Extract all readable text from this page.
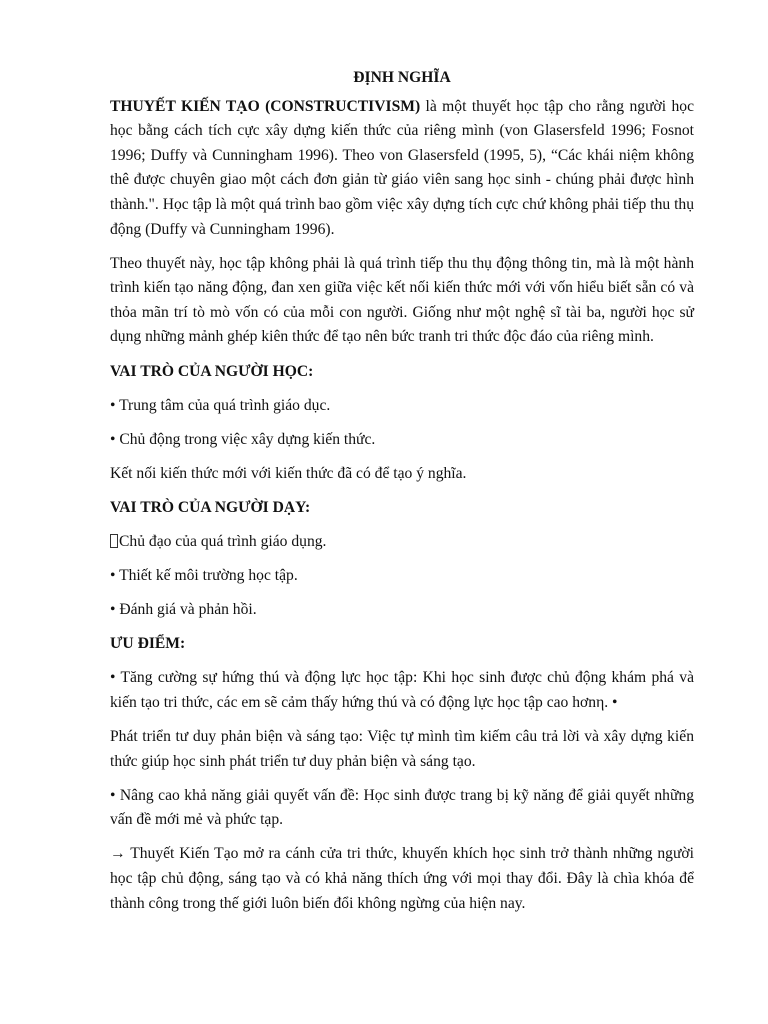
ĐỊNH NGHĨA

THUYẾT KIẾN TẠO (CONSTRUCTIVISM) là một thuyết học tập cho rằng người học học bằng cách tích cực xây dựng kiến thức của riêng mình (von Glasersfeld 1996; Fosnot 1996; Duffy và Cunningham 1996). Theo von Glasersfeld (1995, 5), “Các khái niệm không thê được chuyên giao một cách đơn giản từ giáo viên sang học sinh - chúng phải được hình thành.". Học tập là một quá trình bao gồm việc xây dựng tích cực chứ không phải tiếp thu thụ động (Duffy và Cunningham 1996).

Theo thuyết này, học tập không phải là quá trình tiếp thu thụ động thông tin, mà là một hành trình kiến tạo năng động, đan xen giữa việc kết nối kiến thức mới với vốn hiểu biết sẵn có và thỏa mãn trí tò mò vốn có của mỗi con người. Giống như một nghệ sĩ tài ba, người học sử dụng những mảnh ghép kiên thức để tạo nên bức tranh tri thức độc đáo của riêng mình.

VAI TRÒ CỦA NGƯỜI HỌC:

• Trung tâm của quá trình giáo dục.

• Chủ động trong việc xây dựng kiến thức.

Kết nối kiến thức mới với kiến thức đã có để tạo ý nghĩa.

VAI TRÒ CỦA NGƯỜI DẠY:

Chủ đạo của quá trình giáo dụng.

• Thiết kế môi trường học tập.

• Đánh giá và phản hồi.

ƯU ĐIỂM:

• Tăng cường sự hứng thú và động lực học tập: Khi học sinh được chủ động khám phá và kiến tạo tri thức, các em sẽ cảm thấy hứng thú và có động lực học tập cao hơnη. •

Phát triển tư duy phản biện và sáng tạo: Việc tự mình tìm kiếm câu trả lời và xây dựng kiến thức giúp học sinh phát triển tư duy phản biện và sáng tạo.

• Nâng cao khả năng giải quyết vấn đề: Học sinh được trang bị kỹ năng để giải quyết những vấn đề mới mẻ và phức tạp.

→ Thuyết Kiến Tạo mở ra cánh cửa tri thức, khuyến khích học sinh trở thành những người học tập chủ động, sáng tạo và có khả năng thích ứng với mọi thay đổi. Đây là chìa khóa để thành công trong thế giới luôn biến đổi không ngừng của hiện nay.
